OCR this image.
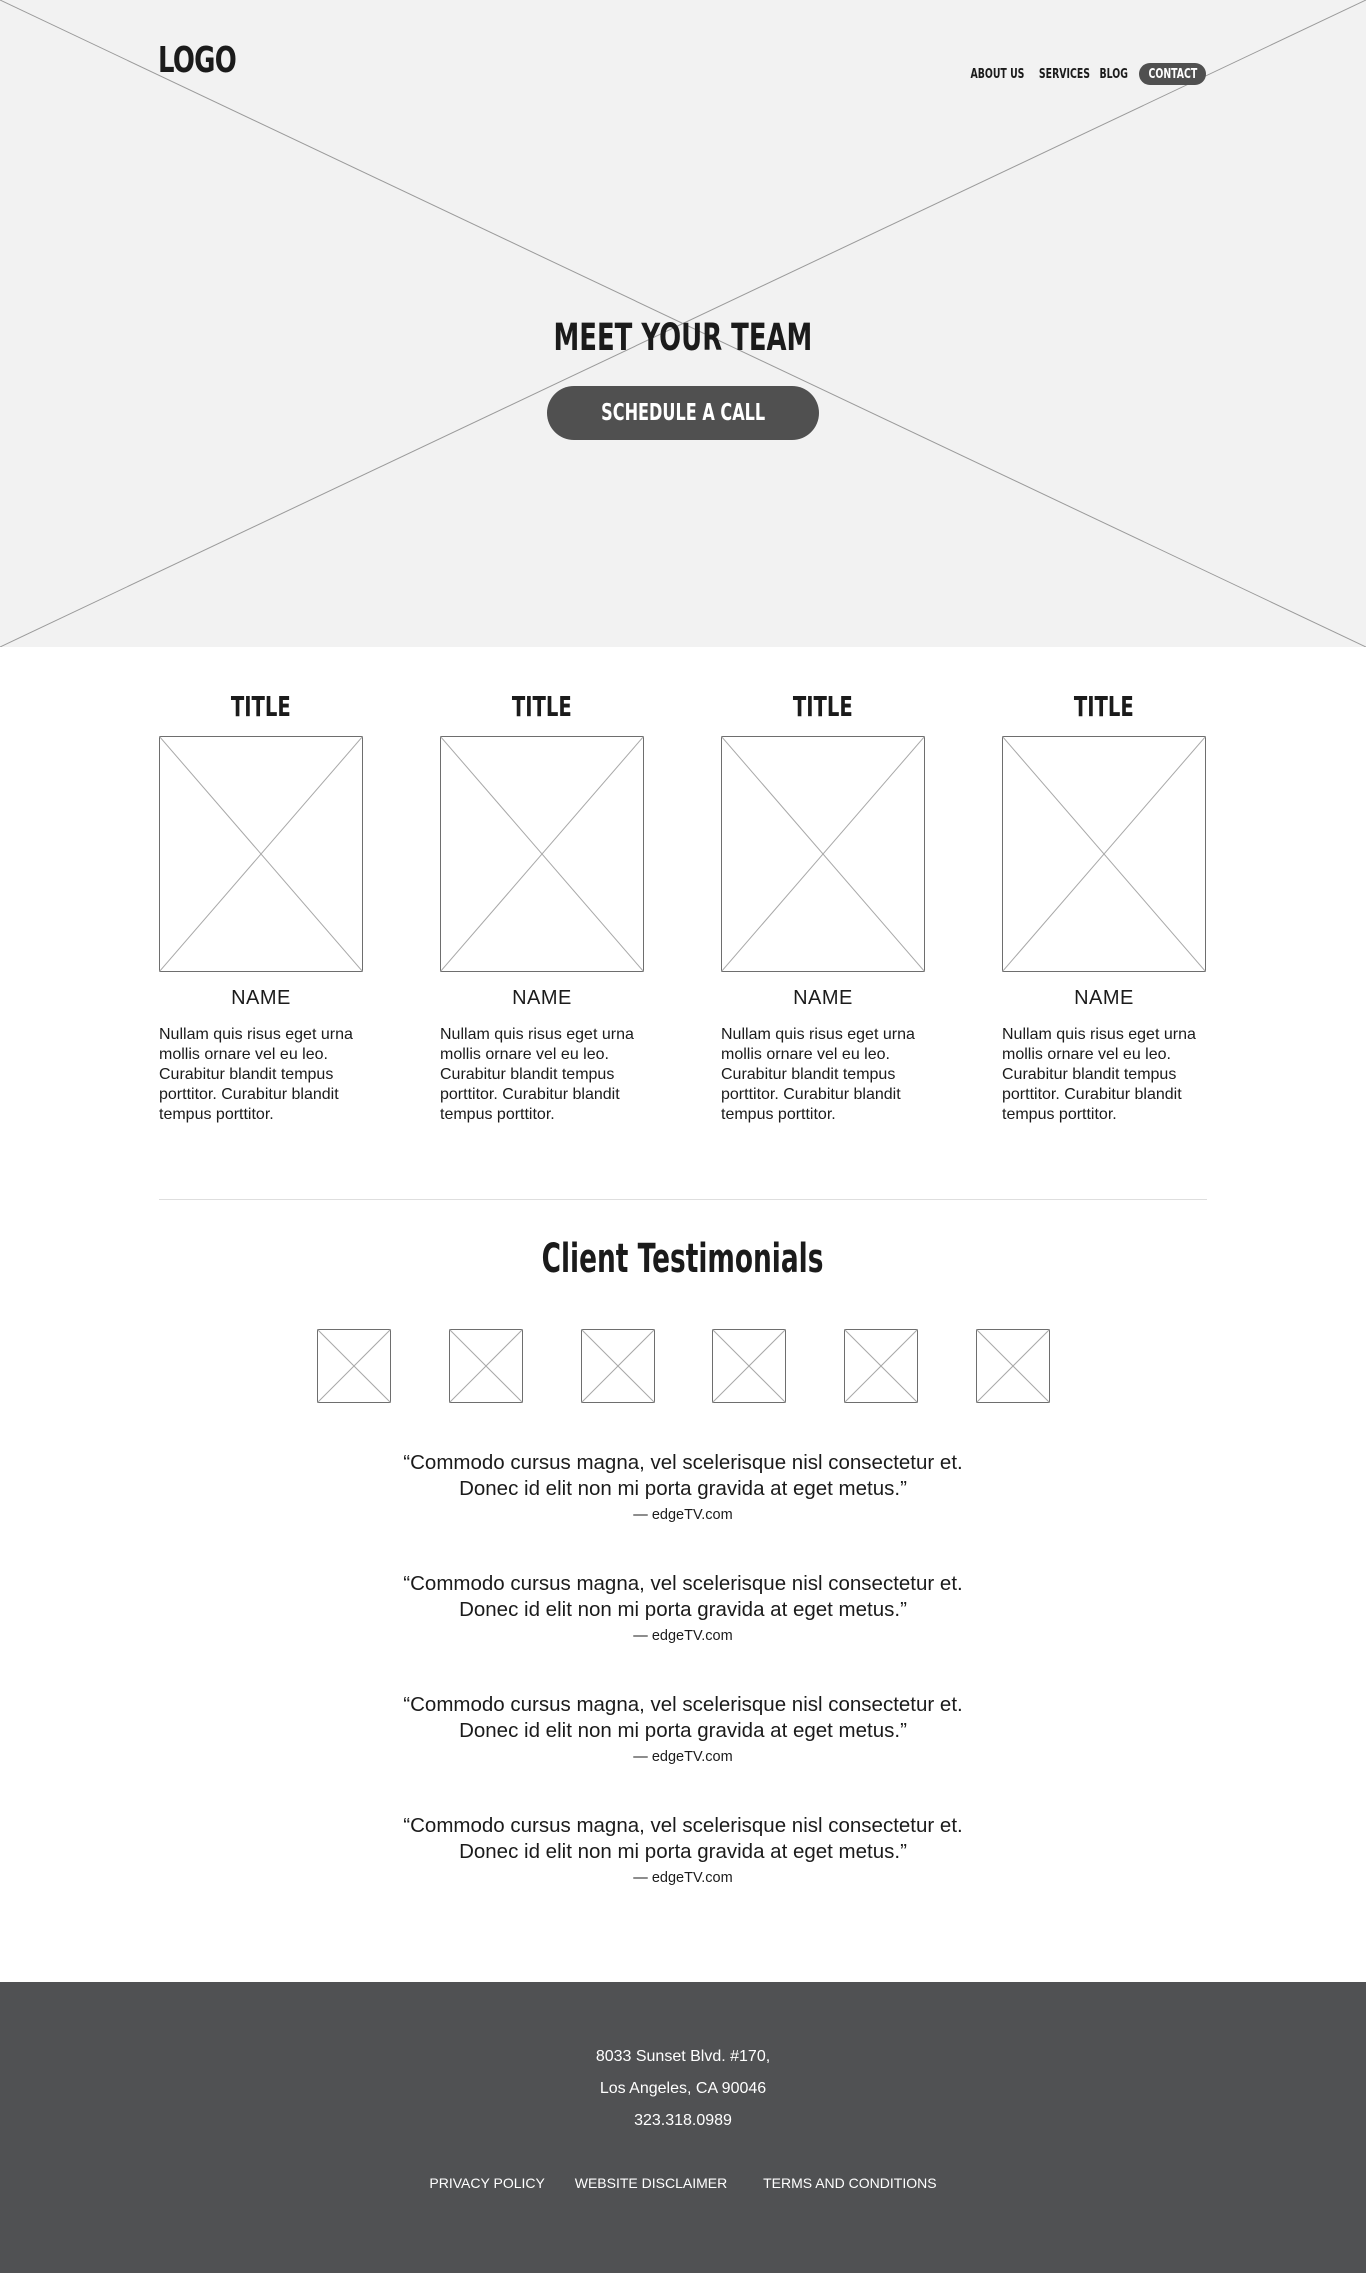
LOGO	ABOUT US SERVICES BLOG CONTACT
MEET YOUR TEAM
SCHEDULE A CALL
TITLE
NAME
Nullam quis risus eget urna mollis ornare vel eu leo. Curabitur blandit tempus porttitor. Curabitur blandit tempus porttitor.
TITLE
NAME
Nullam quis risus eget urna mollis ornare vel eu leo. Curabitur blandit tempus porttitor. Curabitur blandit tempus porttitor.
TITLE
NAME
Nullam quis risus eget urna mollis ornare vel eu leo. Curabitur blandit tempus porttitor. Curabitur blandit tempus porttitor.
TITLE
NAME
Nullam quis risus eget urna mollis ornare vel eu leo. Curabitur blandit tempus porttitor. Curabitur blandit tempus porttitor.
Client Testimonials
“Commodo cursus magna, vel scelerisque nisl consectetur et.
Donec id elit non mi porta gravida at eget metus.”
— edgeTV.com
“Commodo cursus magna, vel scelerisque nisl consectetur et.
Donec id elit non mi porta gravida at eget metus.”
— edgeTV.com
“Commodo cursus magna, vel scelerisque nisl consectetur et.
Donec id elit non mi porta gravida at eget metus.”
— edgeTV.com
“Commodo cursus magna, vel scelerisque nisl consectetur et.
Donec id elit non mi porta gravida at eget metus.”
— edgeTV.com
8033 Sunset Blvd. #170,
Los Angeles, CA 90046
323.318.0989
PRIVACY POLICY WEBSITE DISCLAIMER	TERMS AND CONDITIONS
